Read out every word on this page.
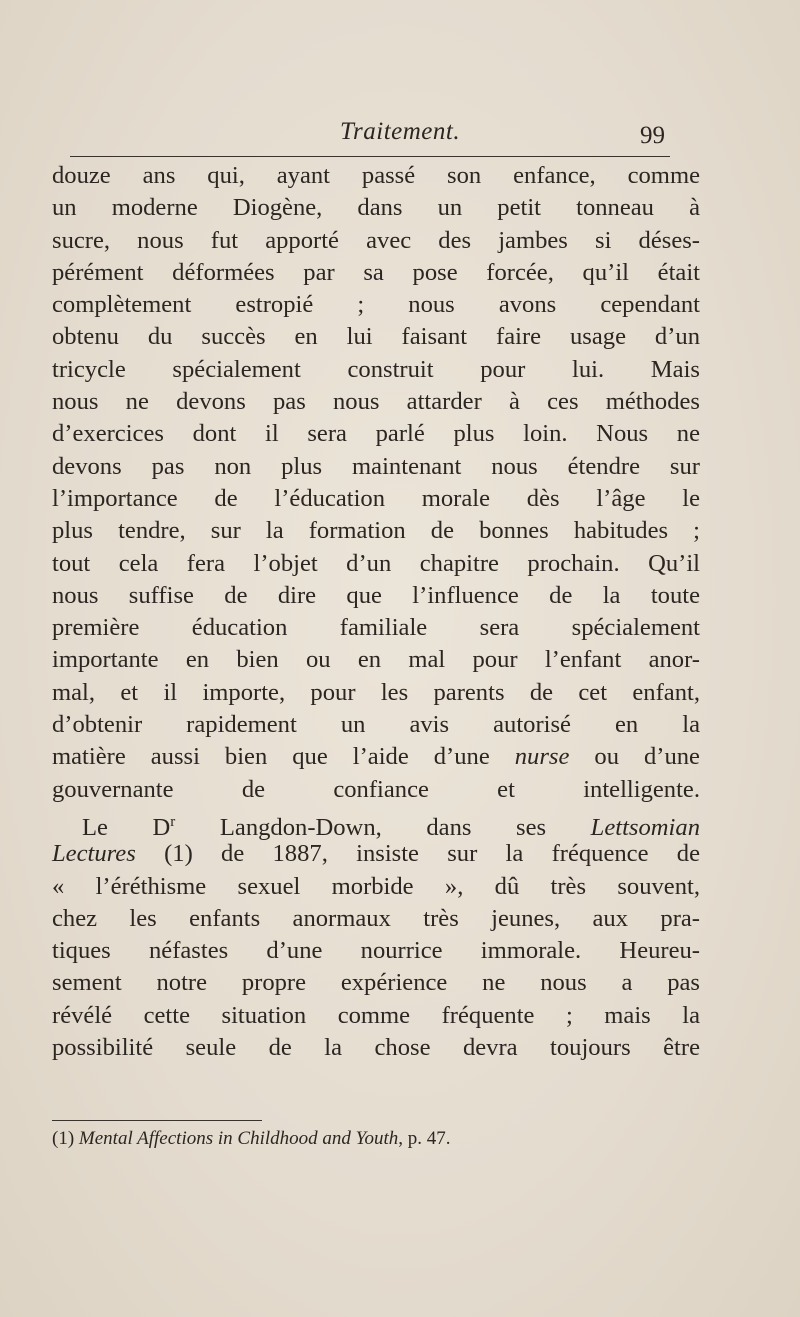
Traitement.	99
douze ans qui, ayant passé son enfance, comme
un moderne Diogène, dans un petit tonneau à
sucre, nous fut apporté avec des jambes si déses-
pérément déformées par sa pose forcée, qu’il était
complètement estropié ; nous avons cependant
obtenu du succès en lui faisant faire usage d’un
tricycle spécialement construit pour lui. Mais
nous ne devons pas nous attarder à ces méthodes
d’exercices dont il sera parlé plus loin. Nous ne
devons pas non plus maintenant nous étendre sur
l’importance de l’éducation morale dès l’âge le
plus tendre, sur la formation de bonnes habitudes ;
tout cela fera l’objet d’un chapitre prochain. Qu’il
nous suffise de dire que l’influence de la toute
première éducation familiale sera spécialement
importante en bien ou en mal pour l’enfant anor-
mal, et il importe, pour les parents de cet enfant,
d’obtenir rapidement un avis autorisé en la
matière aussi bien que l’aide d’une nurse ou d’une
gouvernante de confiance et intelligente.
Le $D^r$ Langdon-Down, dans ses Lettsomian
Lectures (1) de 1887, insiste sur la fréquence de
« l’éréthisme sexuel morbide », dû très souvent,
chez les enfants anormaux très jeunes, aux pra-
tiques néfastes d’une nourrice immorale. Heureu-
sement notre propre expérience ne nous a pas
révélé cette situation comme fréquente ; mais la
possibilité seule de la chose devra toujours être
(1) Mental Affections in Childhood and Youth, p. 47.
